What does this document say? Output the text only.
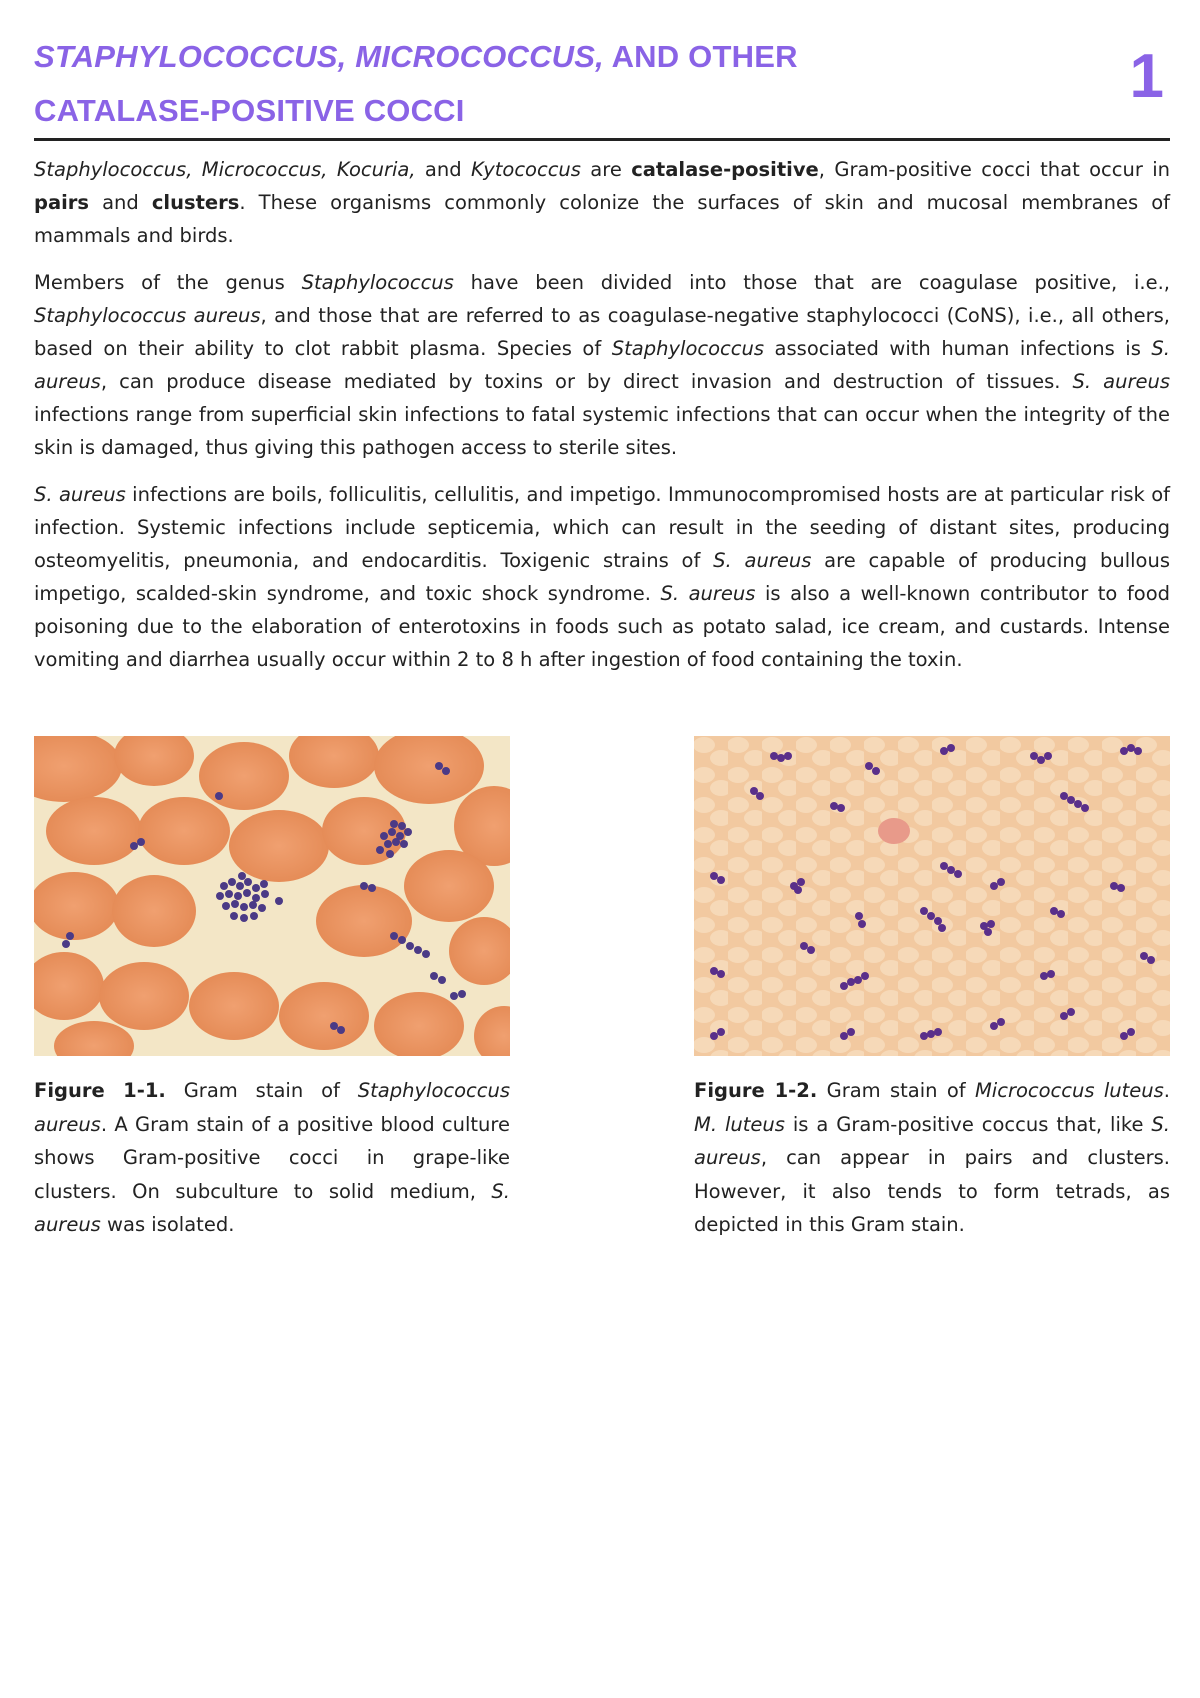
STAPHYLOCOCCUS, MICROCOCCUS, AND OTHER
CATALASE-POSITIVE COCCI	1

Staphylococcus, Micrococcus, Kocuria, and Kytococcus are catalase-positive, Gram-positive cocci that occur in pairs and clusters. These organisms commonly colonize the surfaces of skin and mucosal membranes of mammals and birds.

Members of the genus Staphylococcus have been divided into those that are coagulase positive, i.e., Staphylococcus aureus, and those that are referred to as coagulase-negative staphylococci (CoNS), i.e., all others, based on their ability to clot rabbit plasma. Species of Staphylococcus associated with human infections is S. aureus, can produce disease mediated by toxins or by direct invasion and destruction of tissues. S. aureus infections range from superficial skin infections to fatal systemic infections that can occur when the integrity of the skin is damaged, thus giving this pathogen access to sterile sites.

S. aureus infections are boils, folliculitis, cellulitis, and impetigo. Immunocompromised hosts are at particular risk of infection. Systemic infections include septicemia, which can result in the seeding of distant sites, producing osteomyelitis, pneumonia, and endocarditis. Toxigenic strains of S. aureus are capable of producing bullous impetigo, scalded-skin syndrome, and toxic shock syndrome. S. aureus is also a well-known contributor to food poisoning due to the elaboration of enterotoxins in foods such as potato salad, ice cream, and custards. Intense vomiting and diarrhea usually occur within 2 to 8 h after ingestion of food containing the toxin.

Figure 1-1. Gram stain of Staphylococcus aureus. A Gram stain of a positive blood culture shows Gram-positive cocci in grape-like clusters. On subculture to solid medium, S. aureus was isolated.
Figure 1-2. Gram stain of Micrococcus luteus. M. luteus is a Gram-positive coccus that, like S. aureus, can appear in pairs and clusters. However, it also tends to form tetrads, as depicted in this Gram stain.
